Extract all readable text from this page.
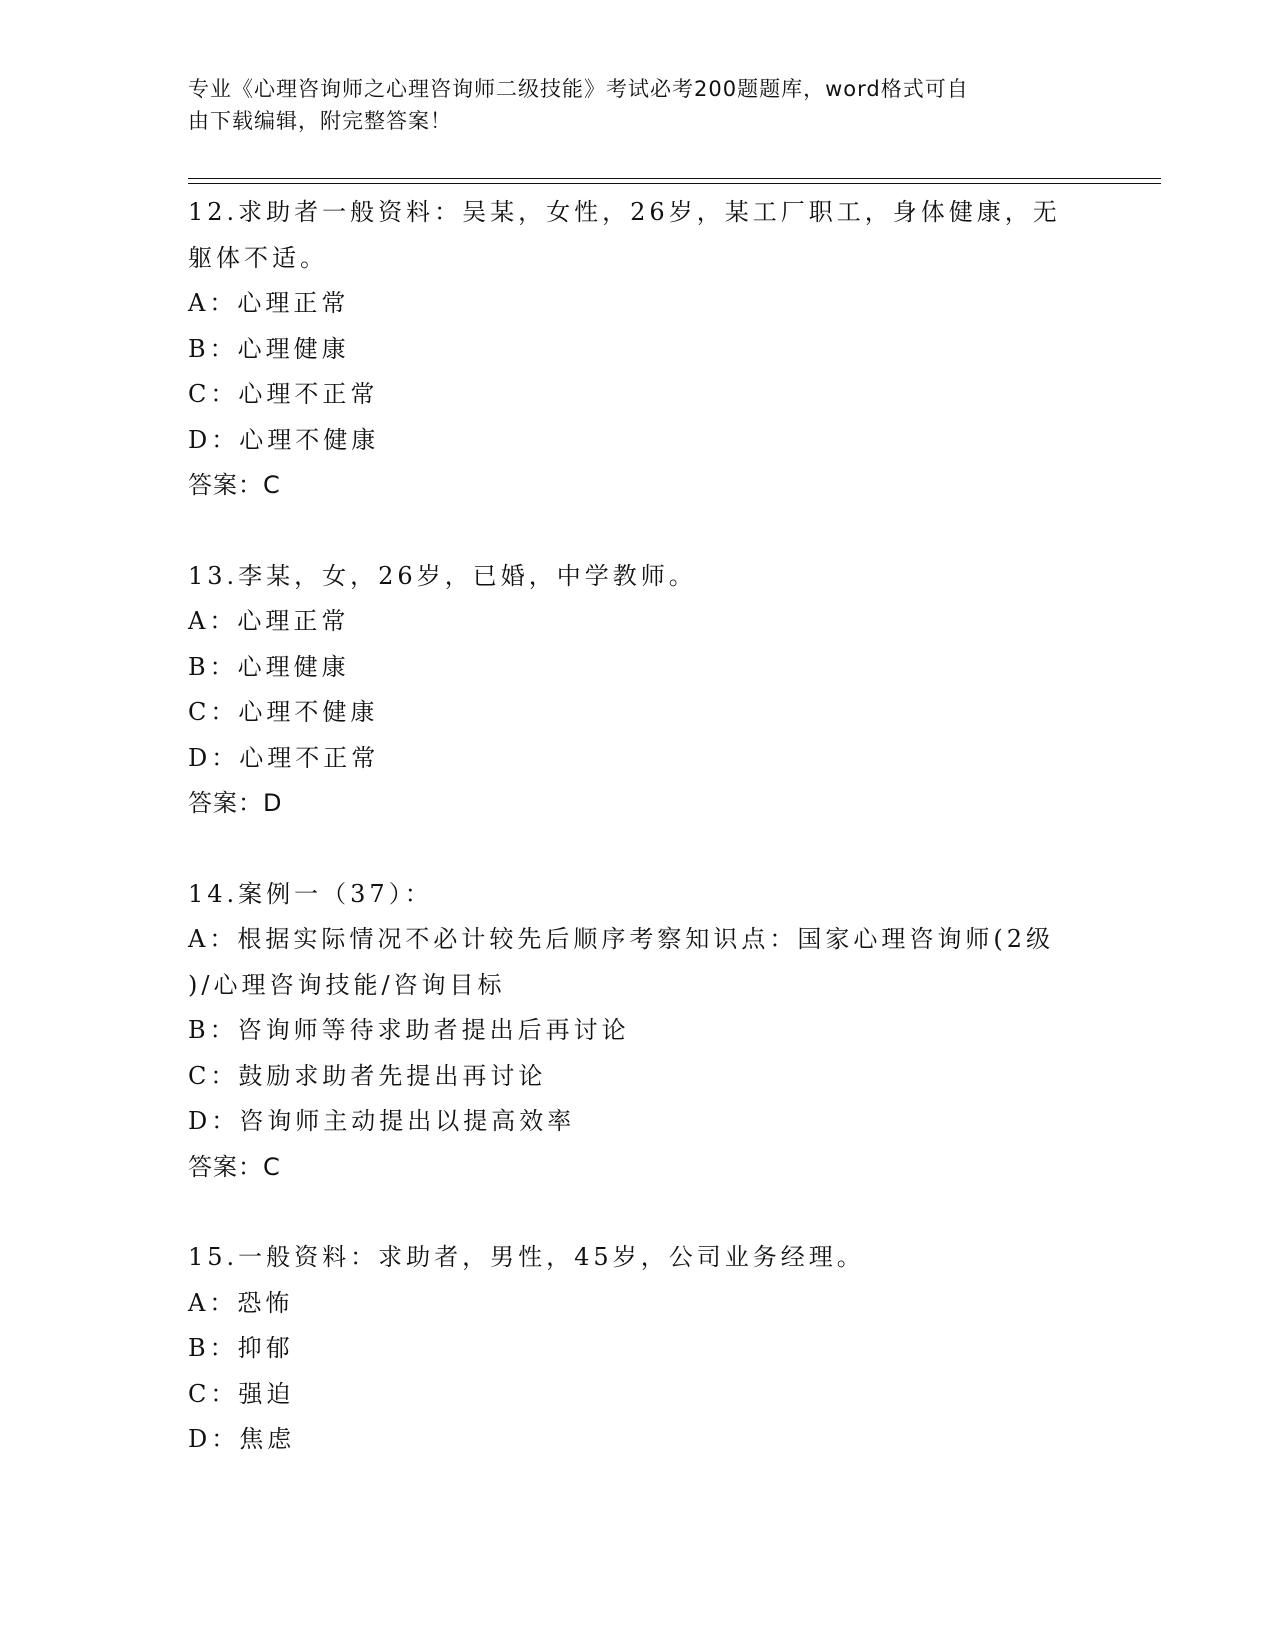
专业《心理咨询师之心理咨询师二级技能》考试必考200题题库，word格式可自
由下载编辑，附完整答案！
12.求助者一般资料：吴某，女性，26岁，某工厂职工，身体健康，无
躯体不适。
A：心理正常
B：心理健康
C：心理不正常
D：心理不健康
答案：C
13.李某，女，26岁，已婚，中学教师。
A：心理正常
B：心理健康
C：心理不健康
D：心理不正常
答案：D
14.案例一（37）：
A：根据实际情况不必计较先后顺序考察知识点：国家心理咨询师(2级
)/心理咨询技能/咨询目标
B：咨询师等待求助者提出后再讨论
C：鼓励求助者先提出再讨论
D：咨询师主动提出以提高效率
答案：C
15.一般资料：求助者，男性，45岁，公司业务经理。
A：恐怖
B：抑郁
C：强迫
D：焦虑
